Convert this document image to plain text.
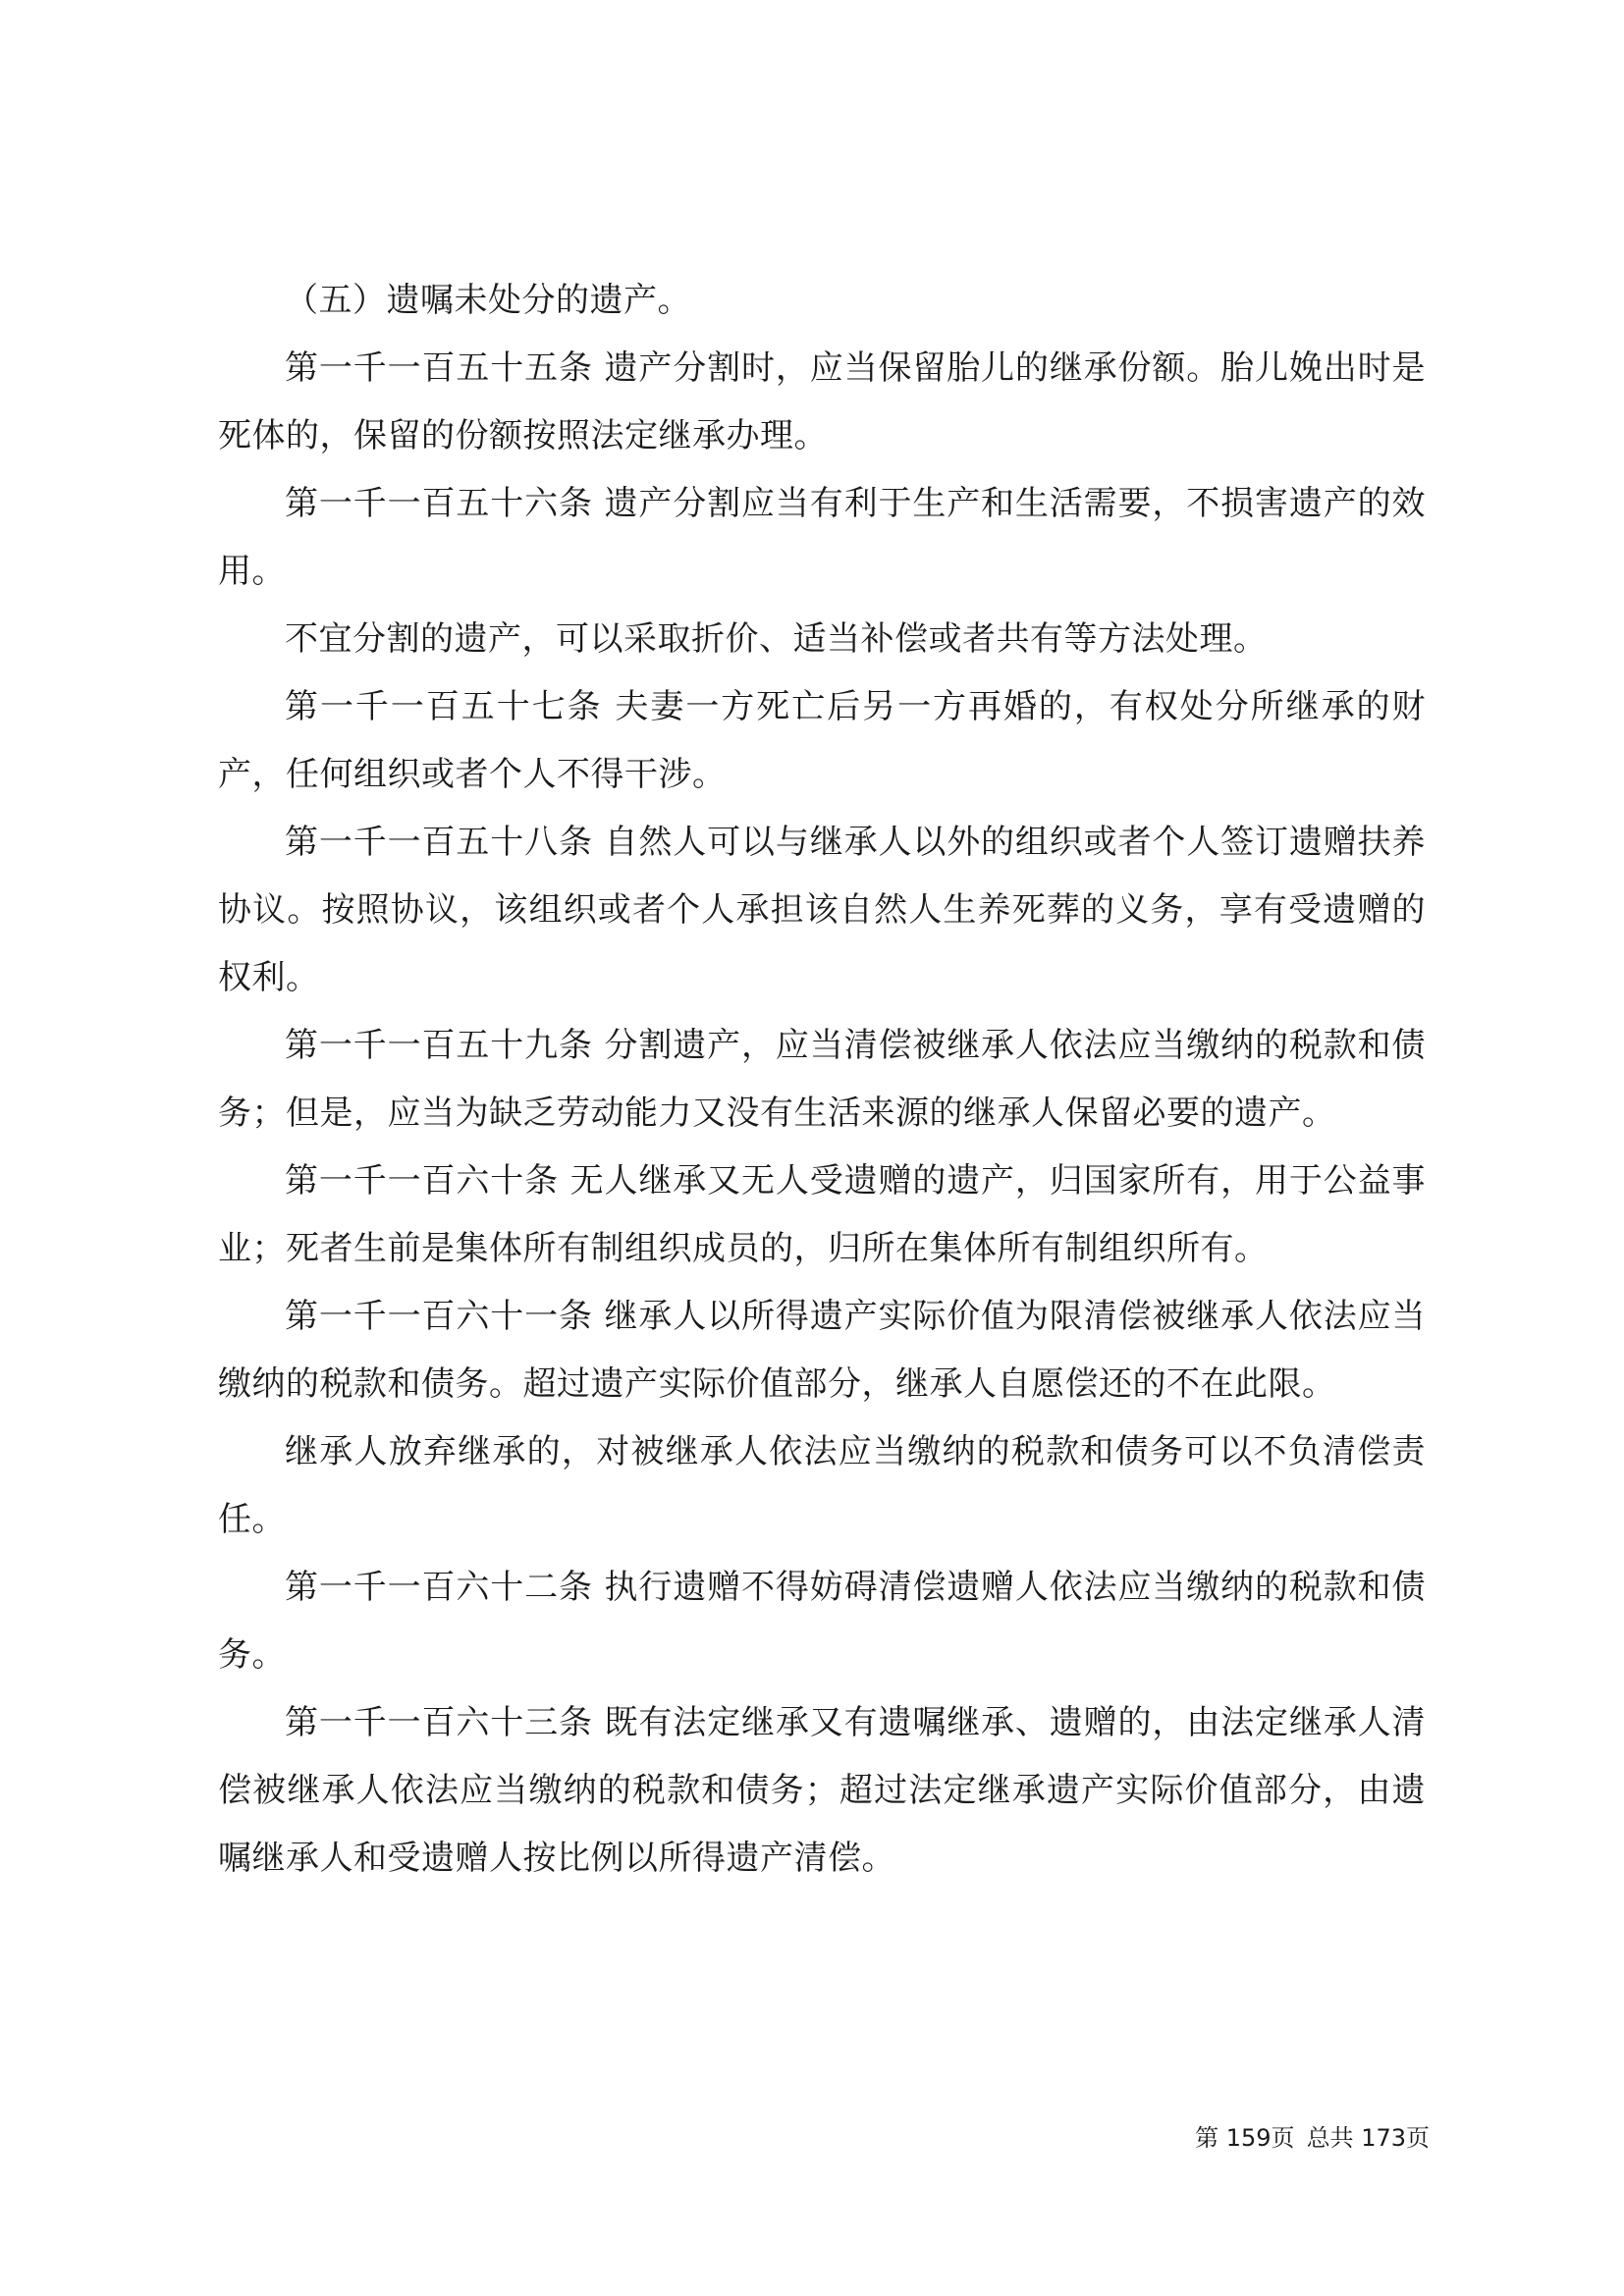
（五）遗嘱未处分的遗产。

第一千一百五十五条 遗产分割时，应当保留胎儿的继承份额。胎儿娩出时是死体的，保留的份额按照法定继承办理。

第一千一百五十六条 遗产分割应当有利于生产和生活需要，不损害遗产的效用。

不宜分割的遗产，可以采取折价、适当补偿或者共有等方法处理。

第一千一百五十七条 夫妻一方死亡后另一方再婚的，有权处分所继承的财产，任何组织或者个人不得干涉。

第一千一百五十八条 自然人可以与继承人以外的组织或者个人签订遗赠扶养协议。按照协议，该组织或者个人承担该自然人生养死葬的义务，享有受遗赠的权利。

第一千一百五十九条 分割遗产，应当清偿被继承人依法应当缴纳的税款和债务；但是，应当为缺乏劳动能力又没有生活来源的继承人保留必要的遗产。

第一千一百六十条 无人继承又无人受遗赠的遗产，归国家所有，用于公益事业；死者生前是集体所有制组织成员的，归所在集体所有制组织所有。

第一千一百六十一条 继承人以所得遗产实际价值为限清偿被继承人依法应当缴纳的税款和债务。超过遗产实际价值部分，继承人自愿偿还的不在此限。

继承人放弃继承的，对被继承人依法应当缴纳的税款和债务可以不负清偿责任。

第一千一百六十二条 执行遗赠不得妨碍清偿遗赠人依法应当缴纳的税款和债务。

第一千一百六十三条 既有法定继承又有遗嘱继承、遗赠的，由法定继承人清偿被继承人依法应当缴纳的税款和债务；超过法定继承遗产实际价值部分，由遗嘱继承人和受遗赠人按比例以所得遗产清偿。

第 159页 总共 173页
